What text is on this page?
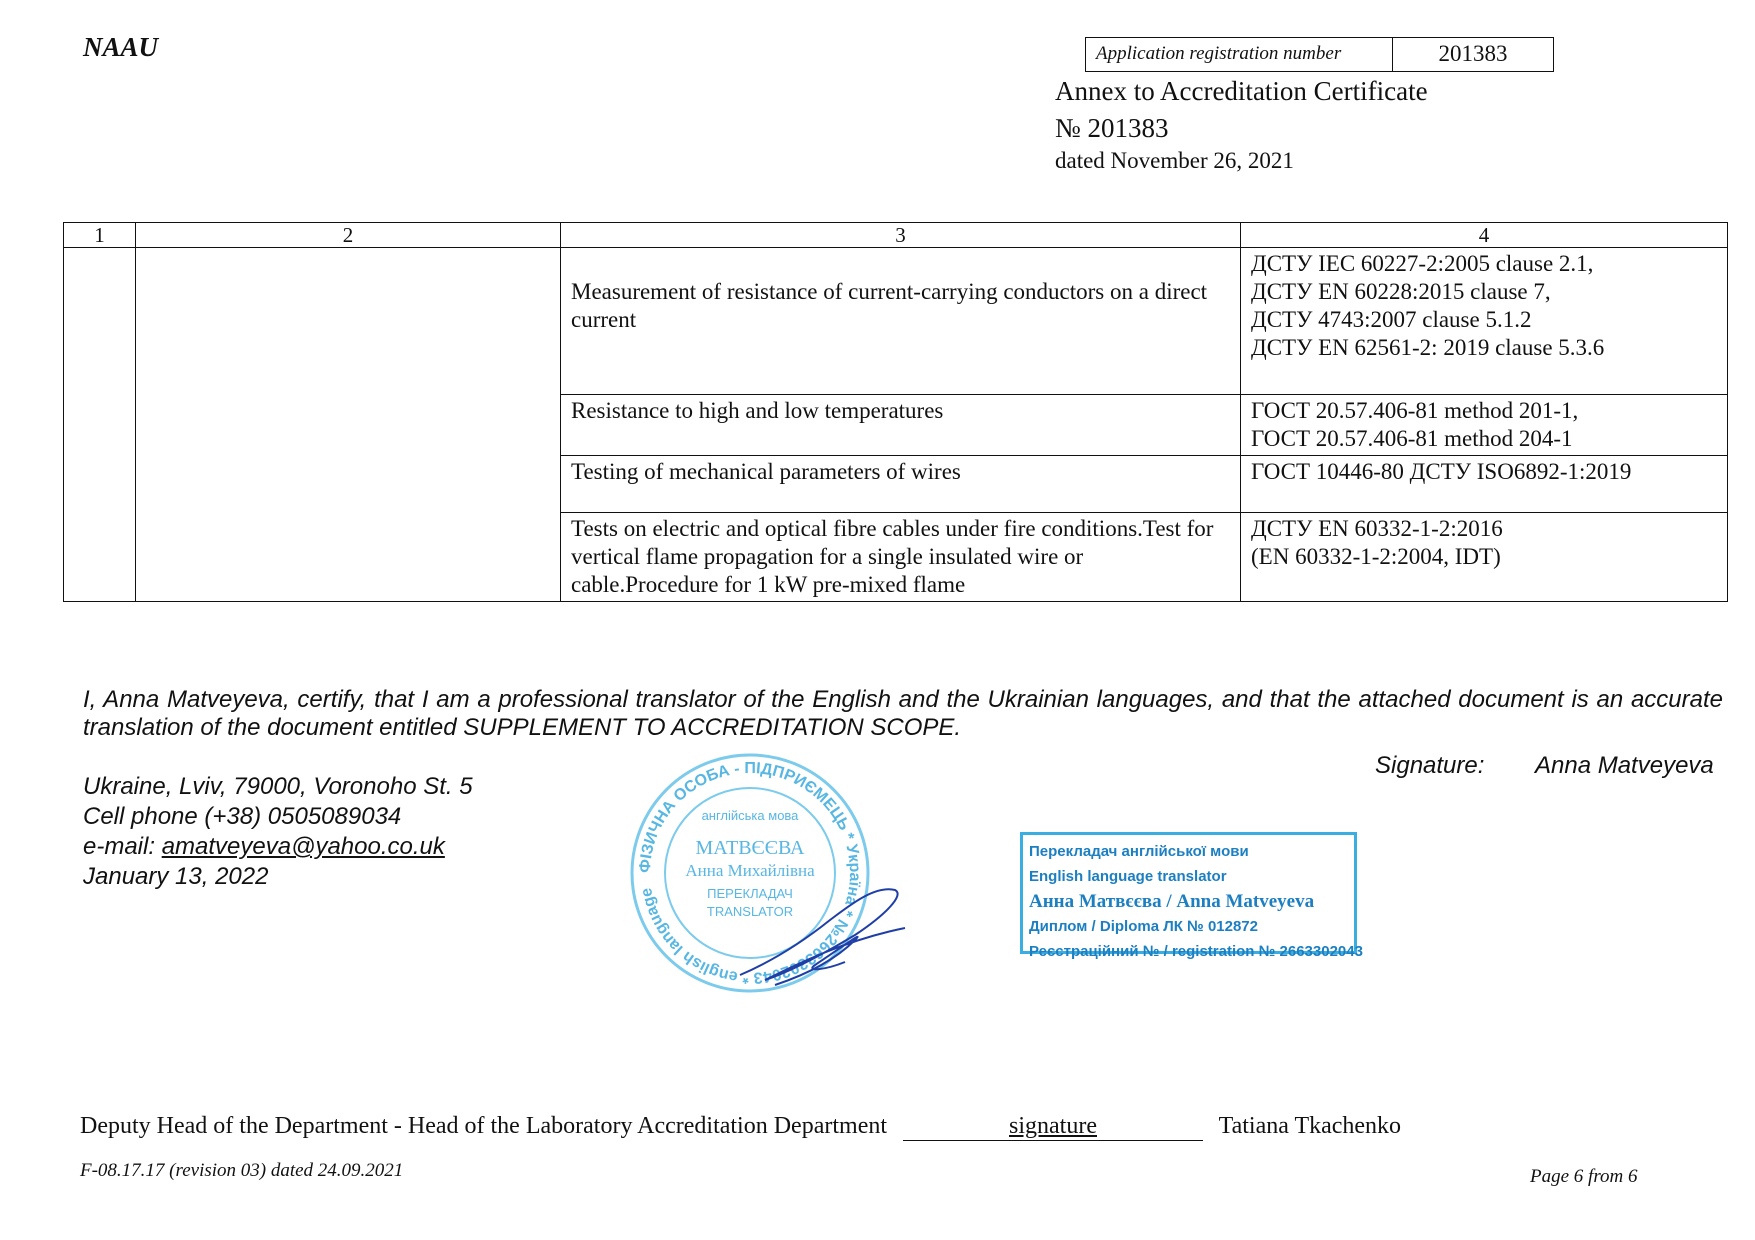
NAAU	Application registration number	201383
Annex to Accreditation Certificate
№ 201383
dated November 26, 2021
1	2	3	4
		Measurement of resistance of current-carrying conductors on a direct current	ДСТУ IEC 60227-2:2005 clause 2.1,
ДСТУ EN 60228:2015 clause 7,
ДСТУ 4743:2007 clause 5.1.2
ДСТУ EN 62561-2: 2019 clause 5.3.6
		Resistance to high and low temperatures	ГОСТ 20.57.406-81 method 201-1,
ГОСТ 20.57.406-81 method 204-1
		Testing of mechanical parameters of wires	ГОСТ 10446-80 ДСТУ ISO6892-1:2019
		Tests on electric and optical fibre cables under fire conditions.Test for vertical flame propagation for a single insulated wire or cable.Procedure for 1 kW pre-mixed flame	ДСТУ EN 60332-1-2:2016
(EN 60332-1-2:2004, IDT)
I, Anna Matveyeva, certify, that I am a professional translator of the English and the Ukrainian languages, and that the attached document is an accurate translation of the document entitled SUPPLEMENT TO ACCREDITATION SCOPE.
Signature: Anna Matveyeva
Ukraine, Lviv, 79000, Voronoho St. 5
Cell phone (+38) 0505089034
e-mail: amatveyeva@yahoo.co.uk
January 13, 2022	ФІЗИЧНА ОСОБА - ПІДПРИЄМЕЦЬ * Україна * №2663302043 * english language
англійська мова
МАТВЄЄВА
Анна Михайлівна
ПЕРЕКЛАДАЧ
TRANSLATOR
Перекладач англійської мови
English language translator
Анна Матвєєва / Anna Matveyeva
Диплом / Diploma ЛК № 012872
Реєстраційний № / registration № 2663302043
Deputy Head of the Department - Head of the Laboratory Accreditation Department	signature	Tatiana Tkachenko
F-08.17.17 (revision 03) dated 24.09.2021	Page 6 from 6
